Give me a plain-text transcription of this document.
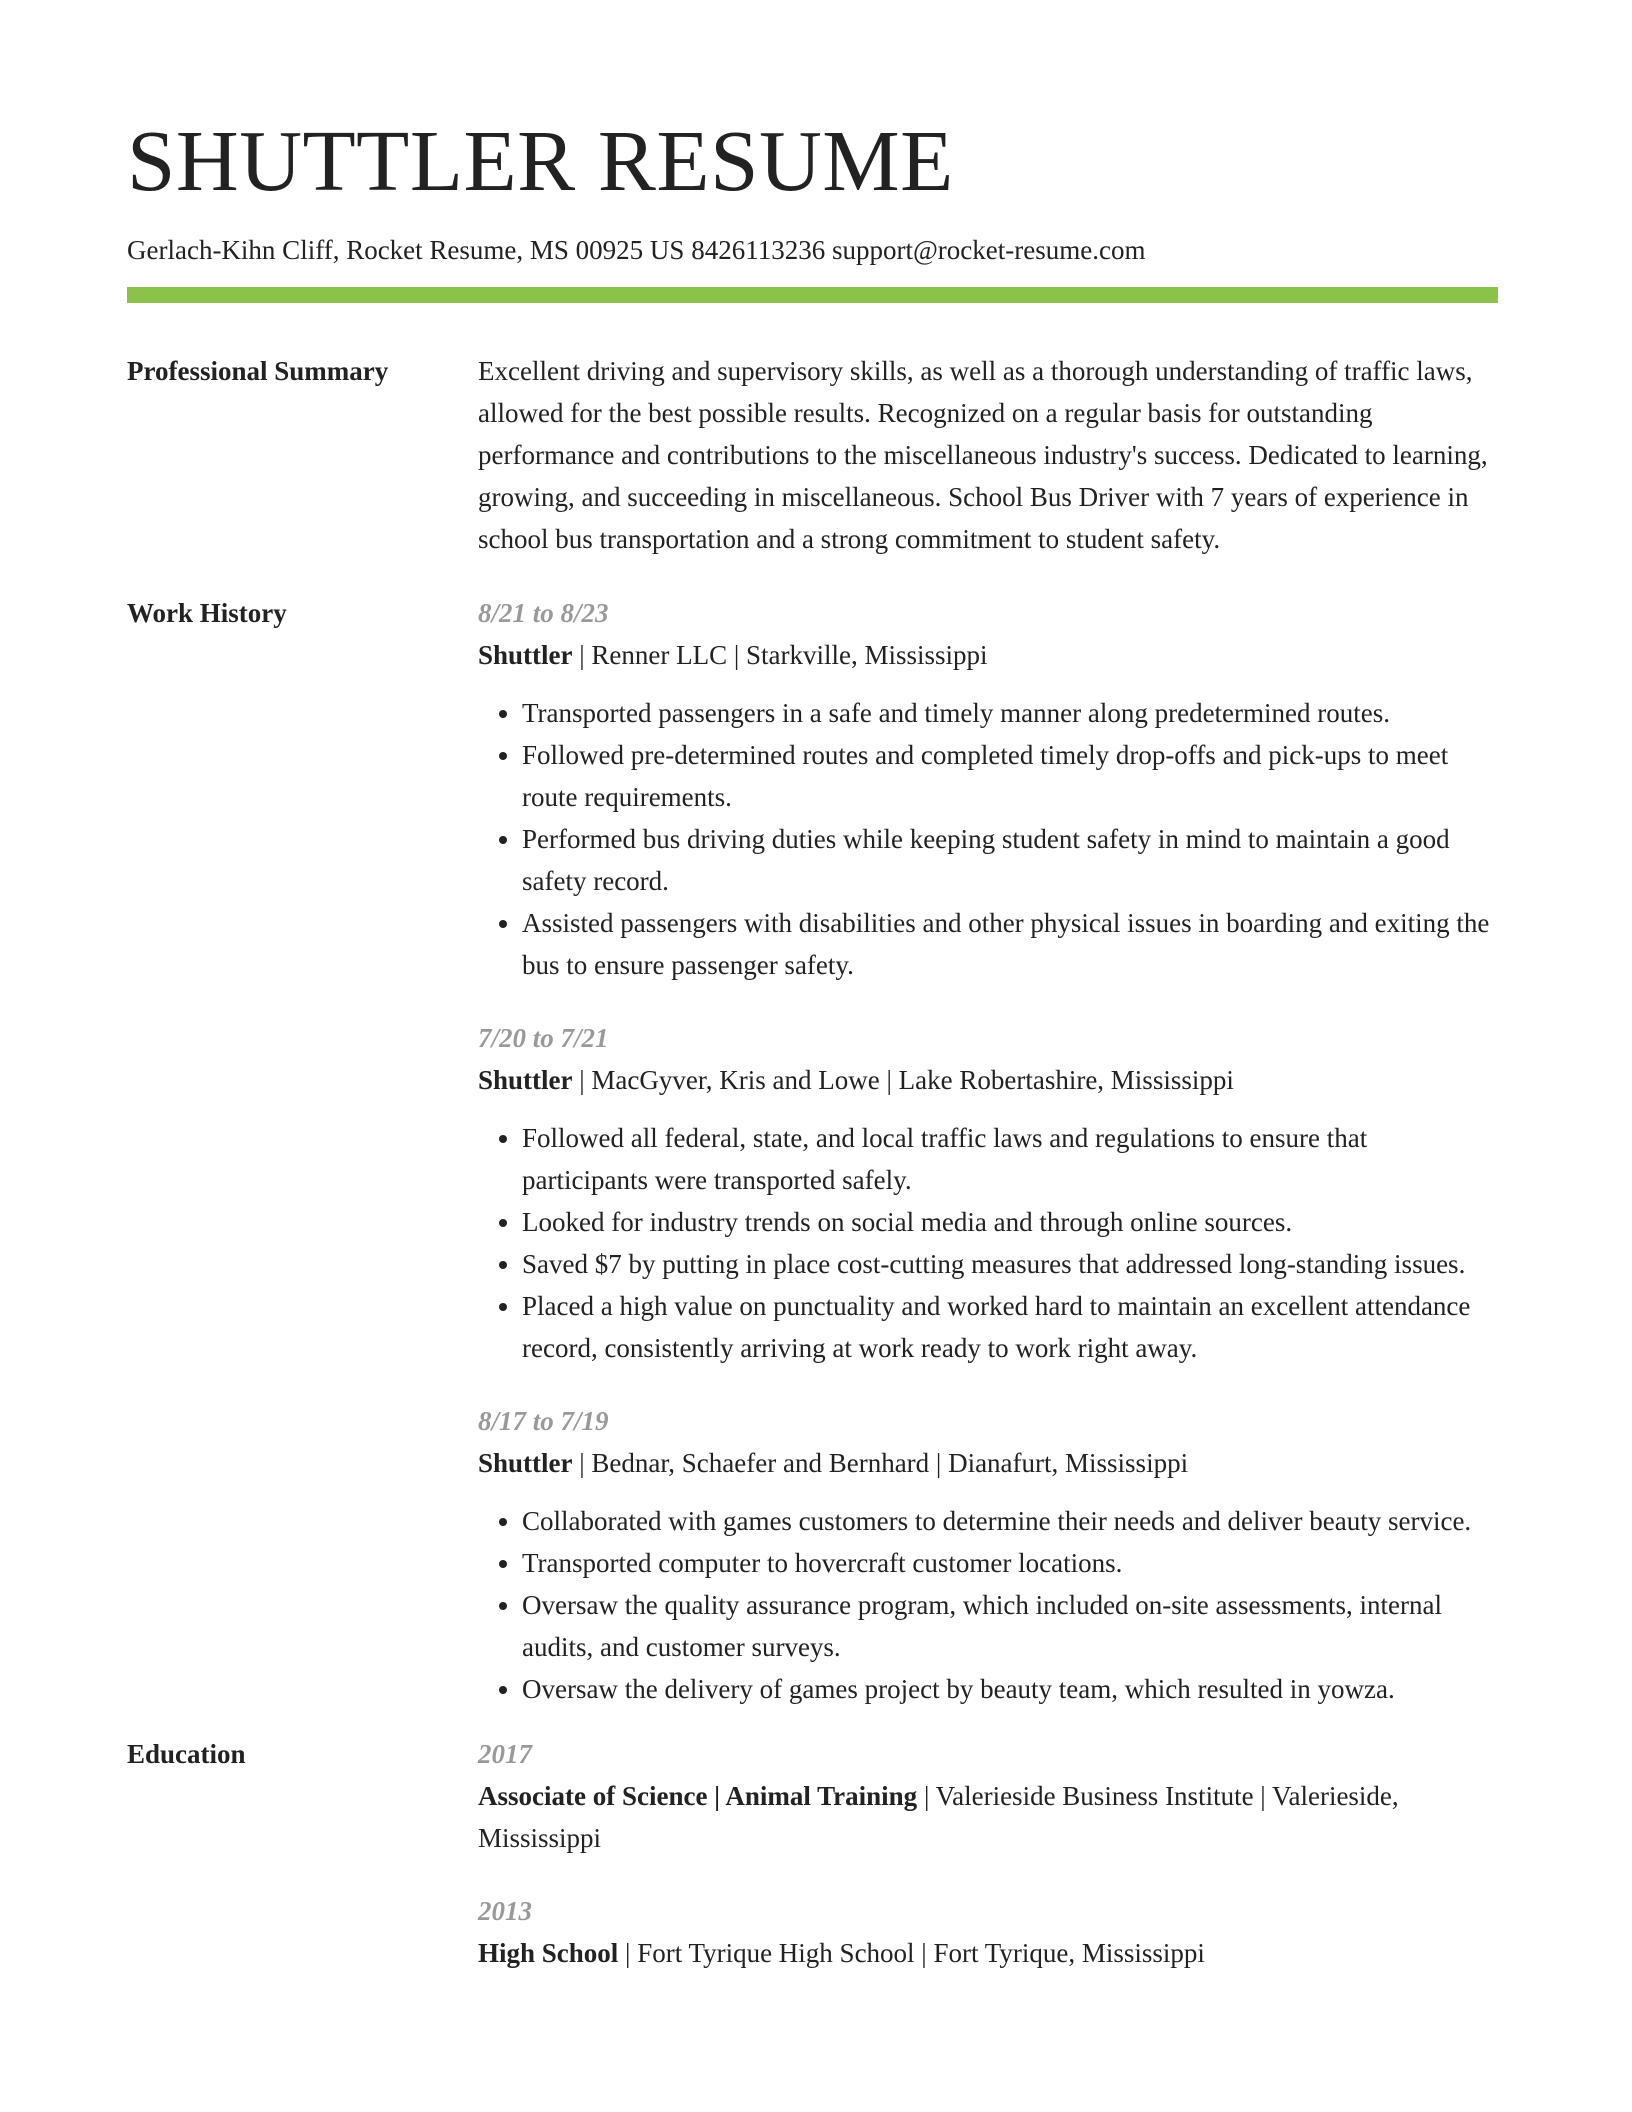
SHUTTLER RESUME
Gerlach-Kihn Cliff, Rocket Resume, MS 00925 US 8426113236 support@rocket-resume.com
Professional Summary	Excellent driving and supervisory skills, as well as a thorough understanding of traffic laws, allowed for the best possible results. Recognized on a regular basis for outstanding performance and contributions to the miscellaneous industry's success. Dedicated to learning, growing, and succeeding in miscellaneous. School Bus Driver with 7 years of experience in school bus transportation and a strong commitment to student safety.
Work History	8/21 to 8/23
Shuttler | Renner LLC | Starkville, Mississippi
• Transported passengers in a safe and timely manner along predetermined routes.
• Followed pre-determined routes and completed timely drop-offs and pick-ups to meet route requirements.
• Performed bus driving duties while keeping student safety in mind to maintain a good safety record.
• Assisted passengers with disabilities and other physical issues in boarding and exiting the bus to ensure passenger safety.
7/20 to 7/21
Shuttler | MacGyver, Kris and Lowe | Lake Robertashire, Mississippi
• Followed all federal, state, and local traffic laws and regulations to ensure that participants were transported safely.
• Looked for industry trends on social media and through online sources.
• Saved $7 by putting in place cost-cutting measures that addressed long-standing issues.
• Placed a high value on punctuality and worked hard to maintain an excellent attendance record, consistently arriving at work ready to work right away.
8/17 to 7/19
Shuttler | Bednar, Schaefer and Bernhard | Dianafurt, Mississippi
• Collaborated with games customers to determine their needs and deliver beauty service.
• Transported computer to hovercraft customer locations.
• Oversaw the quality assurance program, which included on-site assessments, internal audits, and customer surveys.
• Oversaw the delivery of games project by beauty team, which resulted in yowza.
Education	2017
Associate of Science | Animal Training | Valerieside Business Institute | Valerieside, Mississippi
2013
High School | Fort Tyrique High School | Fort Tyrique, Mississippi
